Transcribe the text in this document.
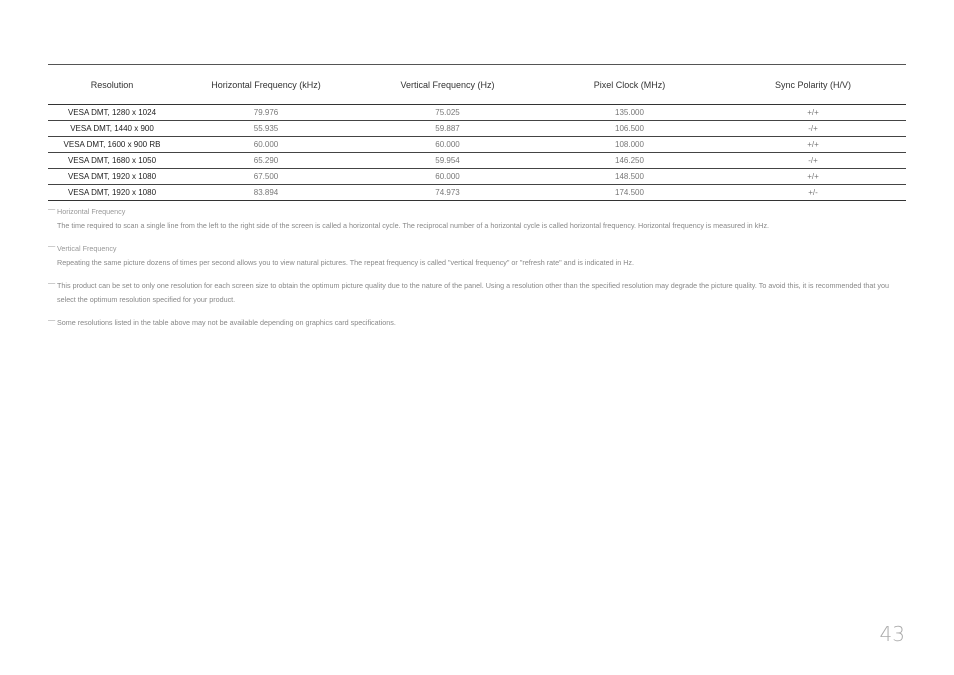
Resolution	Horizontal Frequency (kHz)	Vertical Frequency (Hz)	Pixel Clock (MHz)	Sync Polarity (H/V)
VESA DMT, 1280 x 1024	79.976	75.025	135.000	+/+
VESA DMT, 1440 x 900	55.935	59.887	106.500	-/+
VESA DMT, 1600 x 900 RB	60.000	60.000	108.000	+/+
VESA DMT, 1680 x 1050	65.290	59.954	146.250	-/+
VESA DMT, 1920 x 1080	67.500	60.000	148.500	+/+
VESA DMT, 1920 x 1080	83.894	74.973	174.500	+/-
― Horizontal Frequency
The time required to scan a single line from the left to the right side of the screen is called a horizontal cycle. The reciprocal number of a horizontal cycle is called horizontal frequency. Horizontal frequency is measured in kHz.
― Vertical Frequency
Repeating the same picture dozens of times per second allows you to view natural pictures. The repeat frequency is called "vertical frequency" or "refresh rate" and is indicated in Hz.
― This product can be set to only one resolution for each screen size to obtain the optimum picture quality due to the nature of the panel. Using a resolution other than the specified resolution may degrade the picture quality. To avoid this, it is recommended that you select the optimum resolution specified for your product.
― Some resolutions listed in the table above may not be available depending on graphics card specifications.
43
